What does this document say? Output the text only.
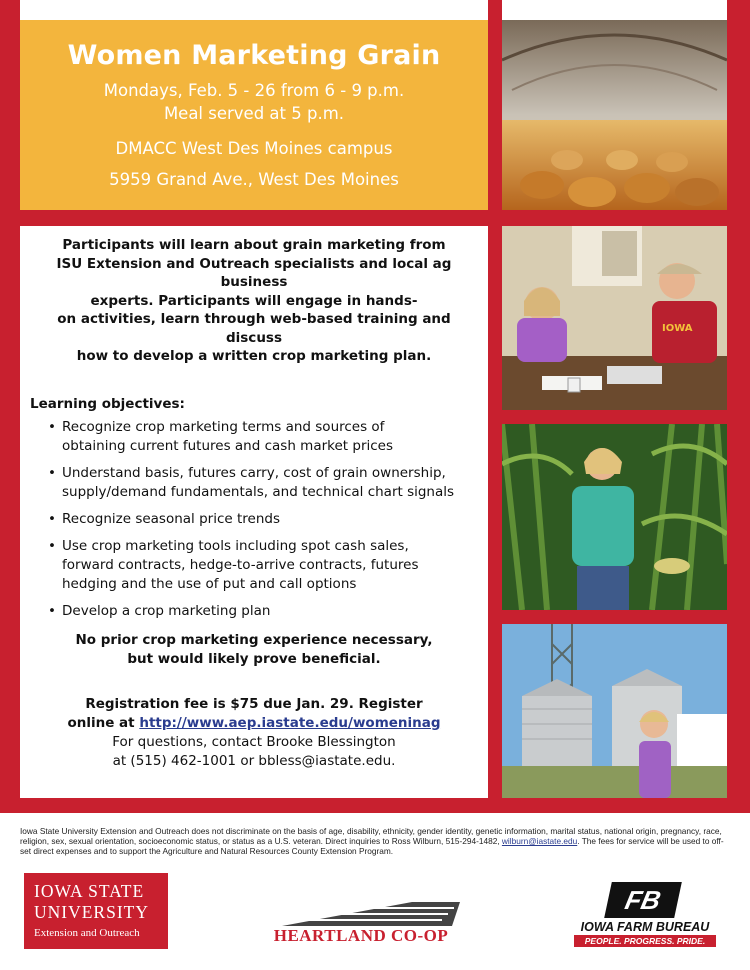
Women Marketing Grain
Mondays, Feb. 5 - 26 from 6 - 9 p.m.
Meal served at 5 p.m.
DMACC West Des Moines campus
5959 Grand Ave., West Des Moines
IOWA
Participants will learn about grain marketing from
ISU Extension and Outreach specialists and local ag business
experts. Participants will engage in hands-
on activities, learn through web-based training and discuss
how to develop a written crop marketing plan.
Learning objectives:
• Recognize crop marketing terms and sources of
obtaining current futures and cash market prices
• Understand basis, futures carry, cost of grain ownership,
supply/demand fundamentals, and technical chart signals
• Recognize seasonal price trends
• Use crop marketing tools including spot cash sales,
forward contracts, hedge-to-arrive contracts, futures
hedging and the use of put and call options
• Develop a crop marketing plan
No prior crop marketing experience necessary,
but would likely prove beneficial.
Registration fee is $75 due Jan. 29. Register
online at http://www.aep.iastate.edu/womeninag
For questions, contact Brooke Blessington
at (515) 462-1001 or bbless@iastate.edu.
Iowa State University Extension and Outreach does not discriminate on the basis of age, disability, ethnicity, gender identity, genetic information, marital status, national origin, pregnancy, race, religion, sex, sexual orientation, socioeconomic status, or status as a U.S. veteran. Direct inquiries to Ross Wilburn, 515-294-1482, wilburn@iastate.edu. The fees for service will be used to off-set direct expenses and to support the Agriculture and Natural Resources County Extension Program.
IOWA STATE
UNIVERSITY
Extension and Outreach	HEARTLAND CO-OP
FB
IOWA FARM BUREAU
PEOPLE. PROGRESS. PRIDE.
